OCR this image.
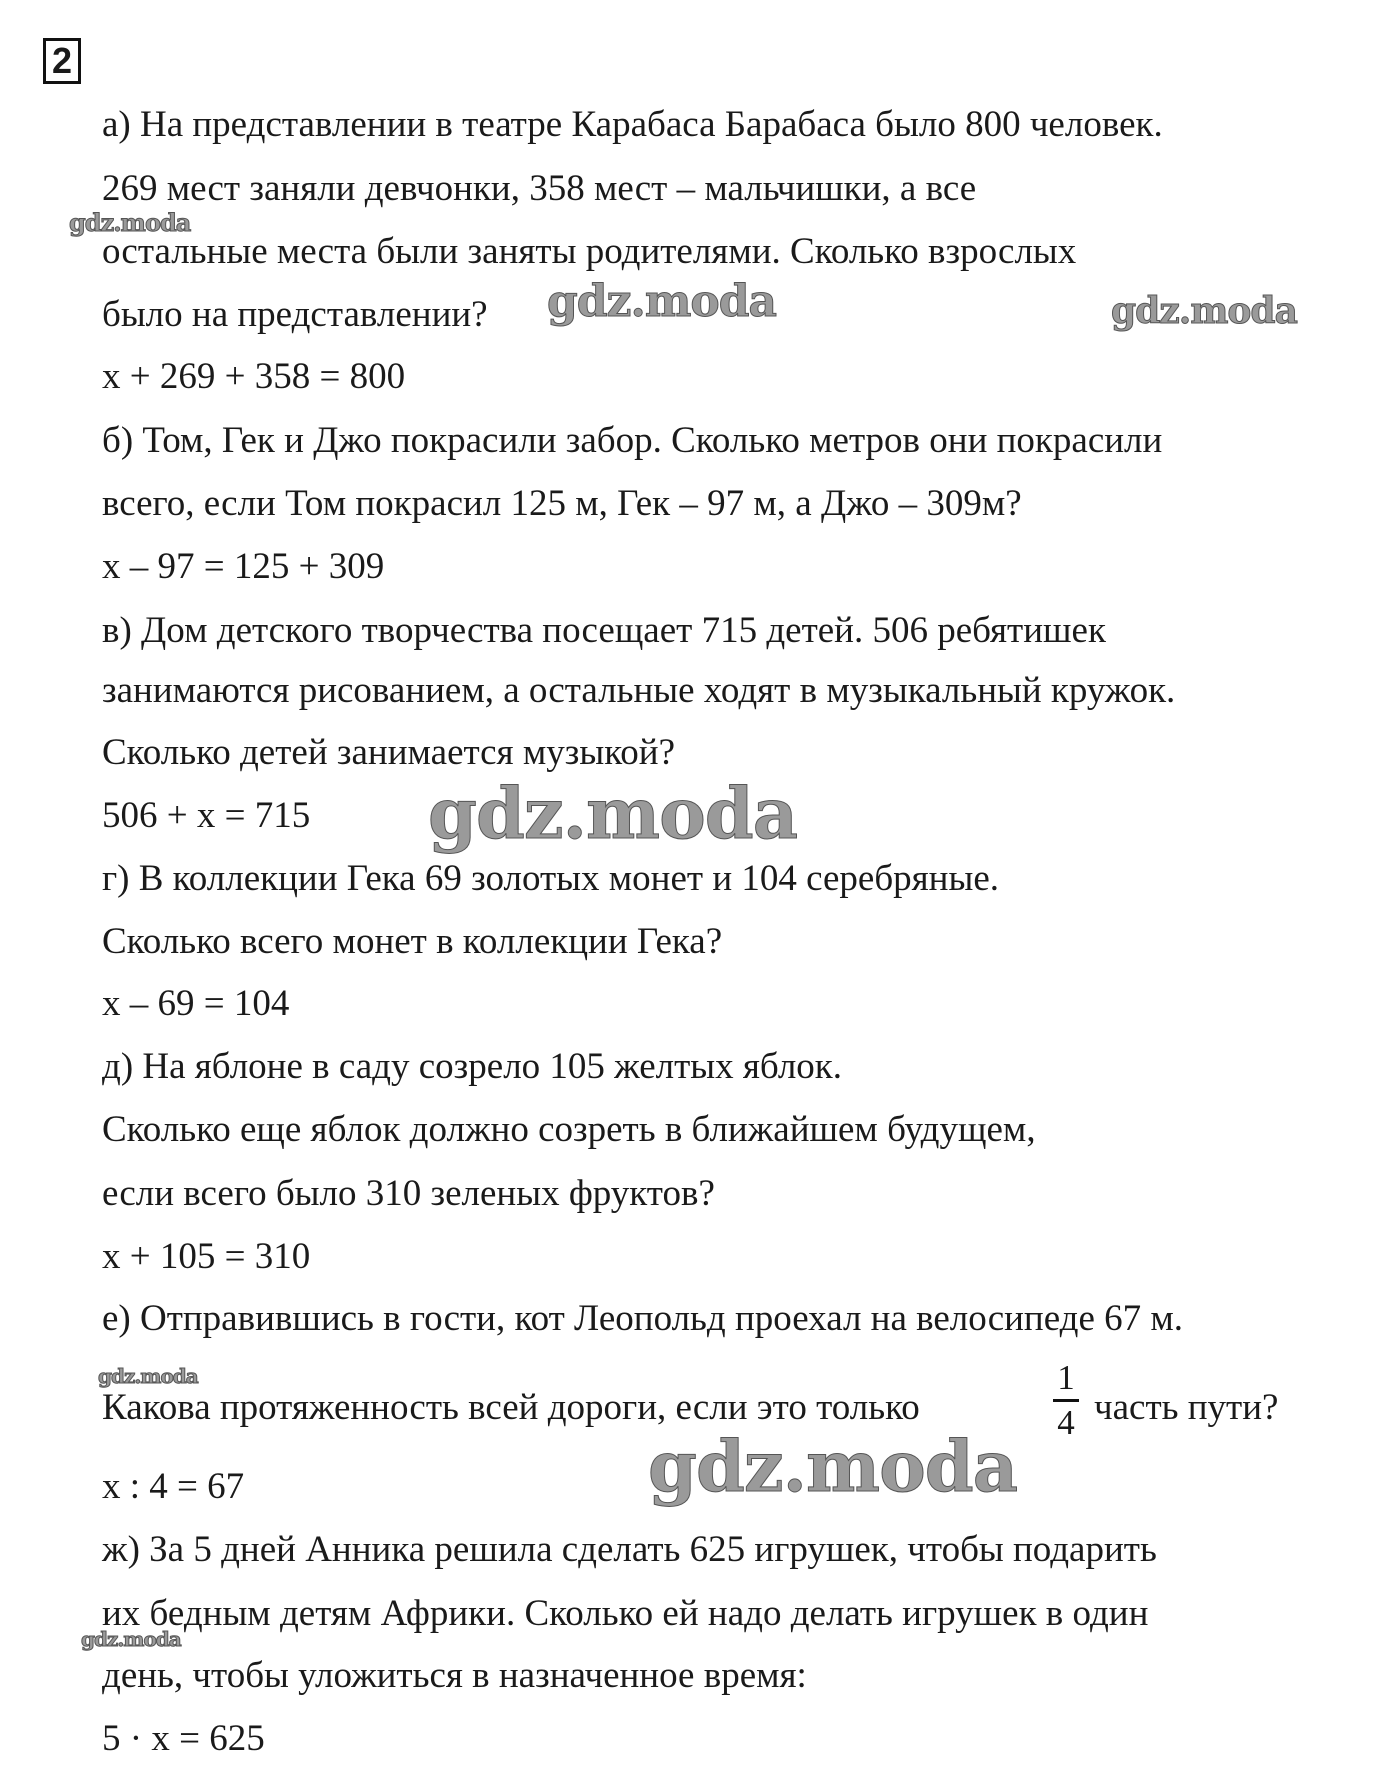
2
а) На представлении в театре Карабаса Барабаса было 800 человек.
269 мест заняли девчонки, 358 мест – мальчишки, а все
остальные места были заняты родителями. Сколько взрослых
было на представлении?
x + 269 + 358 = 800
б) Том, Гек и Джо покрасили забор. Сколько метров они покрасили
всего, если Том покрасил 125 м, Гек – 97 м, а Джо – 309м?
x – 97 = 125 + 309
в) Дом детского творчества посещает 715 детей. 506 ребятишек
занимаются рисованием, а остальные ходят в музыкальный кружок.
Сколько детей занимается музыкой?
506 + x = 715
г) В коллекции Гека 69 золотых монет и 104 серебряные.
Сколько всего монет в коллекции Гека?
x – 69 = 104
д) На яблоне в саду созрело 105 желтых яблок.
Сколько еще яблок должно созреть в ближайшем будущем,
если всего было 310 зеленых фруктов?
x + 105 = 310
е) Отправившись в гости, кот Леопольд проехал на велосипеде 67 м.
Какова протяженность всей дороги, если это только
1
4 часть пути?
x : 4 = 67
ж) За 5 дней Анника решила сделать 625 игрушек, чтобы подарить
их бедным детям Африки. Сколько ей надо делать игрушек в один
день, чтобы уложиться в назначенное время:
5 · x = 625
gdz.moda
gdz.moda	gdz.moda
gdz.moda
gdz.moda
gdz.moda
gdz.moda
